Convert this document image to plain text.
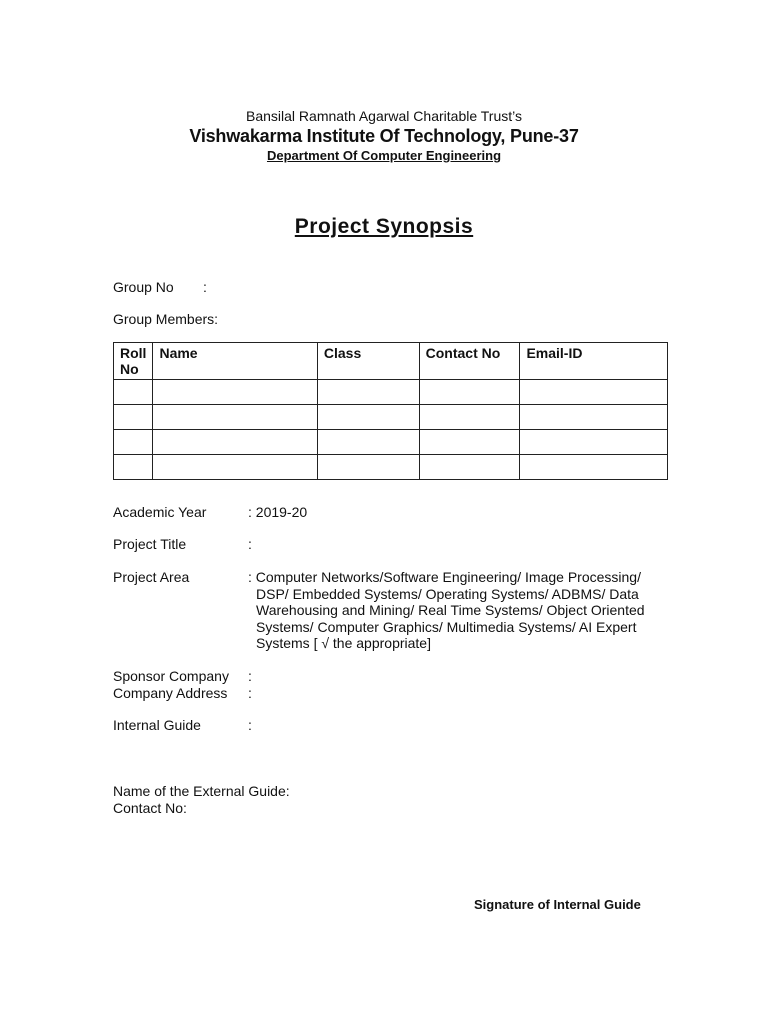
Bansilal Ramnath Agarwal Charitable Trust’s
Vishwakarma Institute Of Technology, Pune-37
Department Of Computer Engineering
Project Synopsis
Group No :
Group Members:
Roll No	Name	Class	Contact No	Email-ID

Academic Year	: 2019-20
Project Title	:
Project Area	: Computer Networks/Software Engineering/ Image Processing/
DSP/ Embedded Systems/ Operating Systems/ ADBMS/ Data
Warehousing and Mining/ Real Time Systems/ Object Oriented
Systems/ Computer Graphics/ Multimedia Systems/ AI Expert
Systems [ √ the appropriate]
Sponsor Company :
Company Address :
Internal Guide	:
Name of the External Guide:
Contact No:
Signature of Internal Guide
